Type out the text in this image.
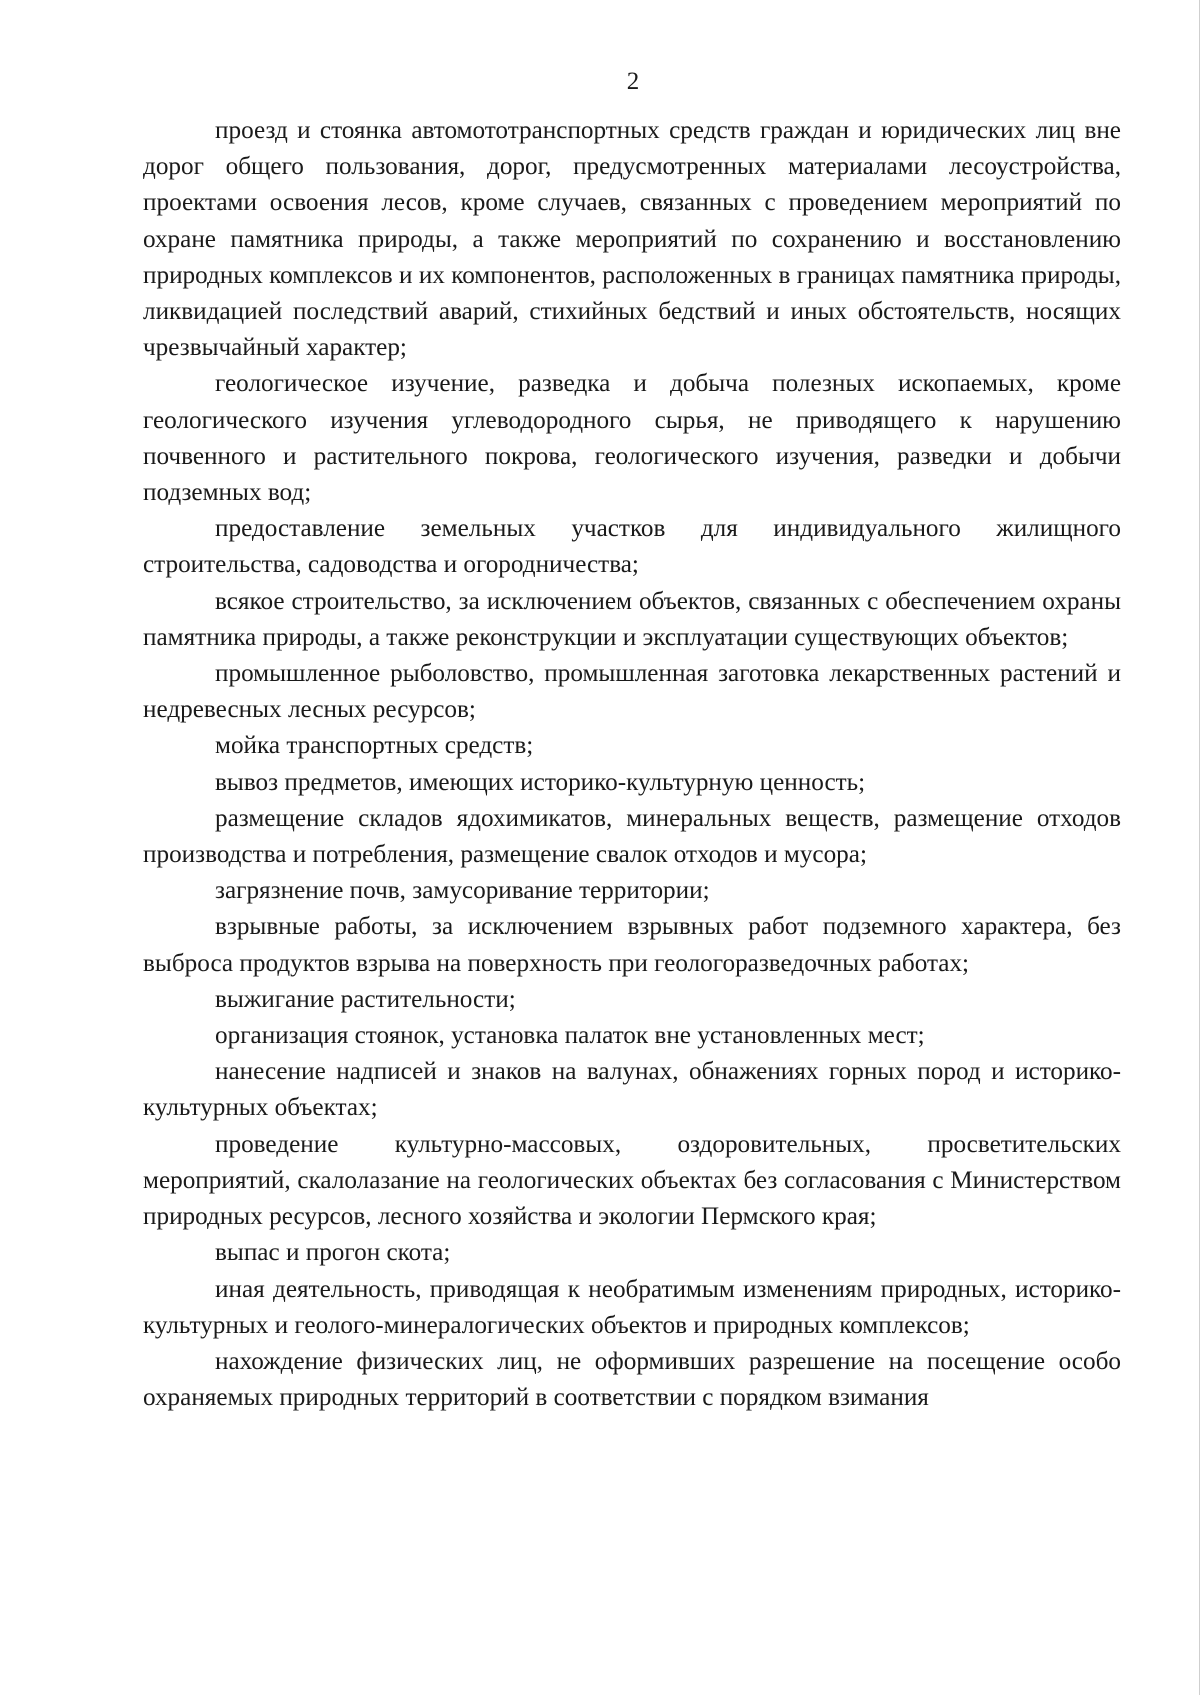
2

проезд и стоянка автомототранспортных средств граждан и юридических лиц вне дорог общего пользования, дорог, предусмотренных материалами лесоустройства, проектами освоения лесов, кроме случаев, связанных с проведением мероприятий по охране памятника природы, а также мероприятий по сохранению и восстановлению природных комплексов и их компонентов, расположенных в границах памятника природы, ликвидацией последствий аварий, стихийных бедствий и иных обстоятельств, носящих чрезвычайный характер;

геологическое изучение, разведка и добыча полезных ископаемых, кроме геологического изучения углеводородного сырья, не приводящего к нарушению почвенного и растительного покрова, геологического изучения, разведки и добычи подземных вод;

предоставление земельных участков для индивидуального жилищного строительства, садоводства и огородничества;

всякое строительство, за исключением объектов, связанных с обеспечением охраны памятника природы, а также реконструкции и эксплуатации существующих объектов;

промышленное рыболовство, промышленная заготовка лекарственных растений и недревесных лесных ресурсов;

мойка транспортных средств;

вывоз предметов, имеющих историко-культурную ценность;

размещение складов ядохимикатов, минеральных веществ, размещение отходов производства и потребления, размещение свалок отходов и мусора;

загрязнение почв, замусоривание территории;

взрывные работы, за исключением взрывных работ подземного характера, без выброса продуктов взрыва на поверхность при геологоразведочных работах;

выжигание растительности;

организация стоянок, установка палаток вне установленных мест;

нанесение надписей и знаков на валунах, обнажениях горных пород и историко-культурных объектах;

проведение культурно-массовых, оздоровительных, просветительских мероприятий, скалолазание на геологических объектах без согласования с Министерством природных ресурсов, лесного хозяйства и экологии Пермского края;

выпас и прогон скота;

иная деятельность, приводящая к необратимым изменениям природных, историко-культурных и геолого-минералогических объектов и природных комплексов;

нахождение физических лиц, не оформивших разрешение на посещение особо охраняемых природных территорий в соответствии с порядком взимания
